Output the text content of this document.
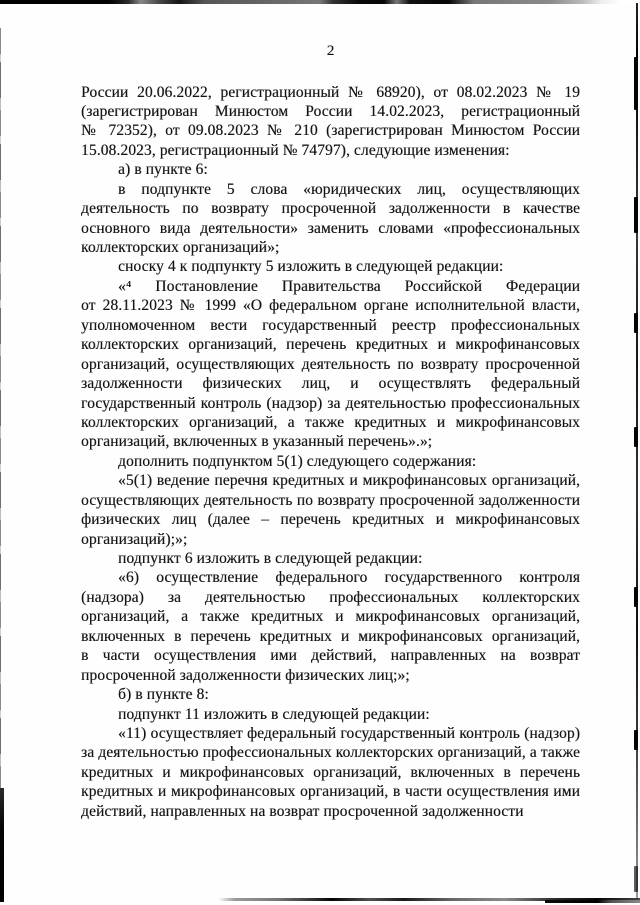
2
России 20.06.2022, регистрационный № 68920), от 08.02.2023 № 19
(зарегистрирован Минюстом России 14.02.2023, регистрационный
№ 72352), от 09.08.2023 № 210 (зарегистрирован Минюстом России
15.08.2023, регистрационный № 74797), следующие изменения:
а) в пункте 6:
в подпункте 5 слова «юридических лиц, осуществляющих
деятельность по возврату просроченной задолженности в качестве
основного вида деятельности» заменить словами «профессиональных
коллекторских организаций»;
сноску 4 к подпункту 5 изложить в следующей редакции:
«⁴ Постановление Правительства Российской Федерации
от 28.11.2023 № 1999 «О федеральном органе исполнительной власти,
уполномоченном вести государственный реестр профессиональных
коллекторских организаций, перечень кредитных и микрофинансовых
организаций, осуществляющих деятельность по возврату просроченной
задолженности физических лиц, и осуществлять федеральный
государственный контроль (надзор) за деятельностью профессиональных
коллекторских организаций, а также кредитных и микрофинансовых
организаций, включенных в указанный перечень».»;
дополнить подпунктом 5(1) следующего содержания:
«5(1) ведение перечня кредитных и микрофинансовых организаций,
осуществляющих деятельность по возврату просроченной задолженности
физических лиц (далее – перечень кредитных и микрофинансовых
организаций);»;
подпункт 6 изложить в следующей редакции:
«6) осуществление федерального государственного контроля
(надзора) за деятельностью профессиональных коллекторских
организаций, а также кредитных и микрофинансовых организаций,
включенных в перечень кредитных и микрофинансовых организаций,
в части осуществления ими действий, направленных на возврат
просроченной задолженности физических лиц;»;
б) в пункте 8:
подпункт 11 изложить в следующей редакции:
«11) осуществляет федеральный государственный контроль (надзор)
за деятельностью профессиональных коллекторских организаций, а также
кредитных и микрофинансовых организаций, включенных в перечень
кредитных и микрофинансовых организаций, в части осуществления ими
действий, направленных на возврат просроченной задолженности
